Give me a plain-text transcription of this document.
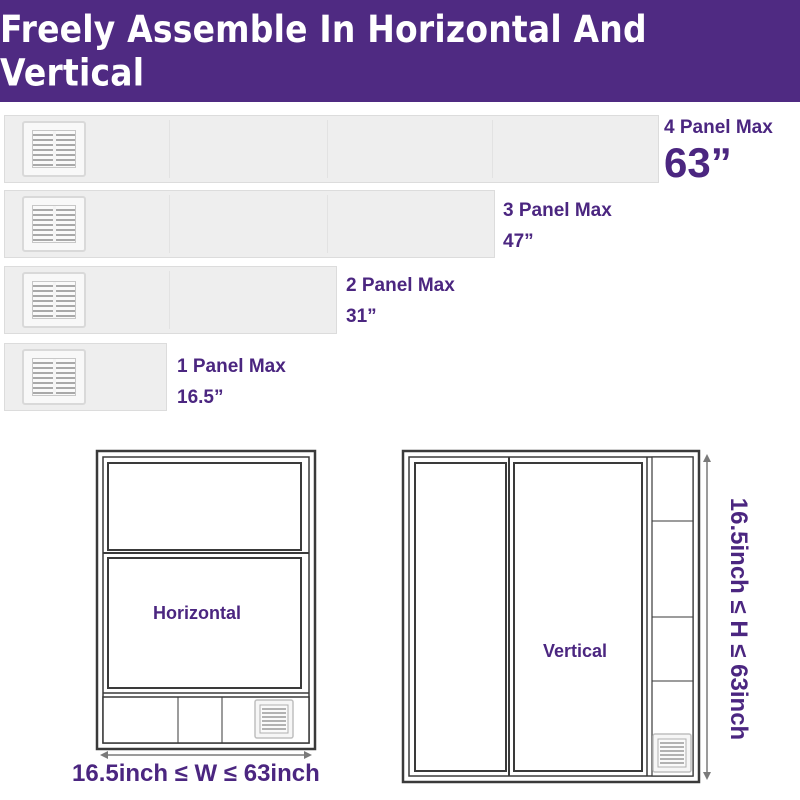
Freely Assemble In Horizontal And Vertical
4 Panel Max
63”
3 Panel Max
47”
2 Panel Max
31”
1 Panel Max
16.5”
Horizontal
16.5inch ≤ W ≤ 63inch
Vertical	16.5inch ≤ H ≤ 63inch
